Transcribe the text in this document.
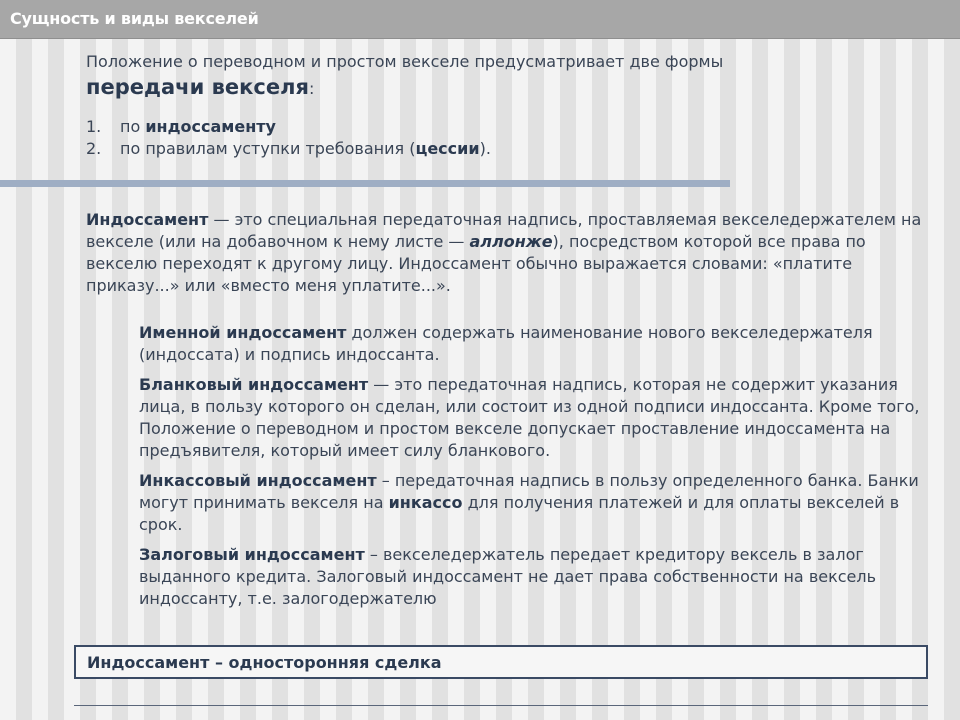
Сущность и виды векселей
Положение о переводном и простом векселе предусматривает две формы
передачи векселя:
1.	по индоссаменту
2.	по правилам уступки требования (цессии).
Индоссамент — это специальная передаточная надпись, проставляемая векселедержателем на векселе (или на добавочном к нему листе — аллонже), посредством которой все права по векселю переходят к другому лицу. Индоссамент обычно выражается словами: «платите приказу...» или «вместо меня уплатите...».

Именной индоссамент должен содержать наименование нового векселедержателя (индоссата) и подпись индоссанта.

Бланковый индоссамент — это передаточная надпись, которая не содержит указания лица, в пользу которого он сделан, или состоит из одной подписи индоссанта. Кроме того, Положение о переводном и простом векселе допускает проставление индоссамента на предъявителя, который имеет силу бланкового.

Инкассовый индоссамент – передаточная надпись в пользу определенного банка. Банки могут принимать векселя на инкассо для получения платежей и для оплаты векселей в срок.

Залоговый индоссамент – векселедержатель передает кредитору вексель в залог выданного кредита. Залоговый индоссамент не дает права собственности на вексель индоссанту, т.е. залогодержателю

Индоссамент – односторонняя сделка
